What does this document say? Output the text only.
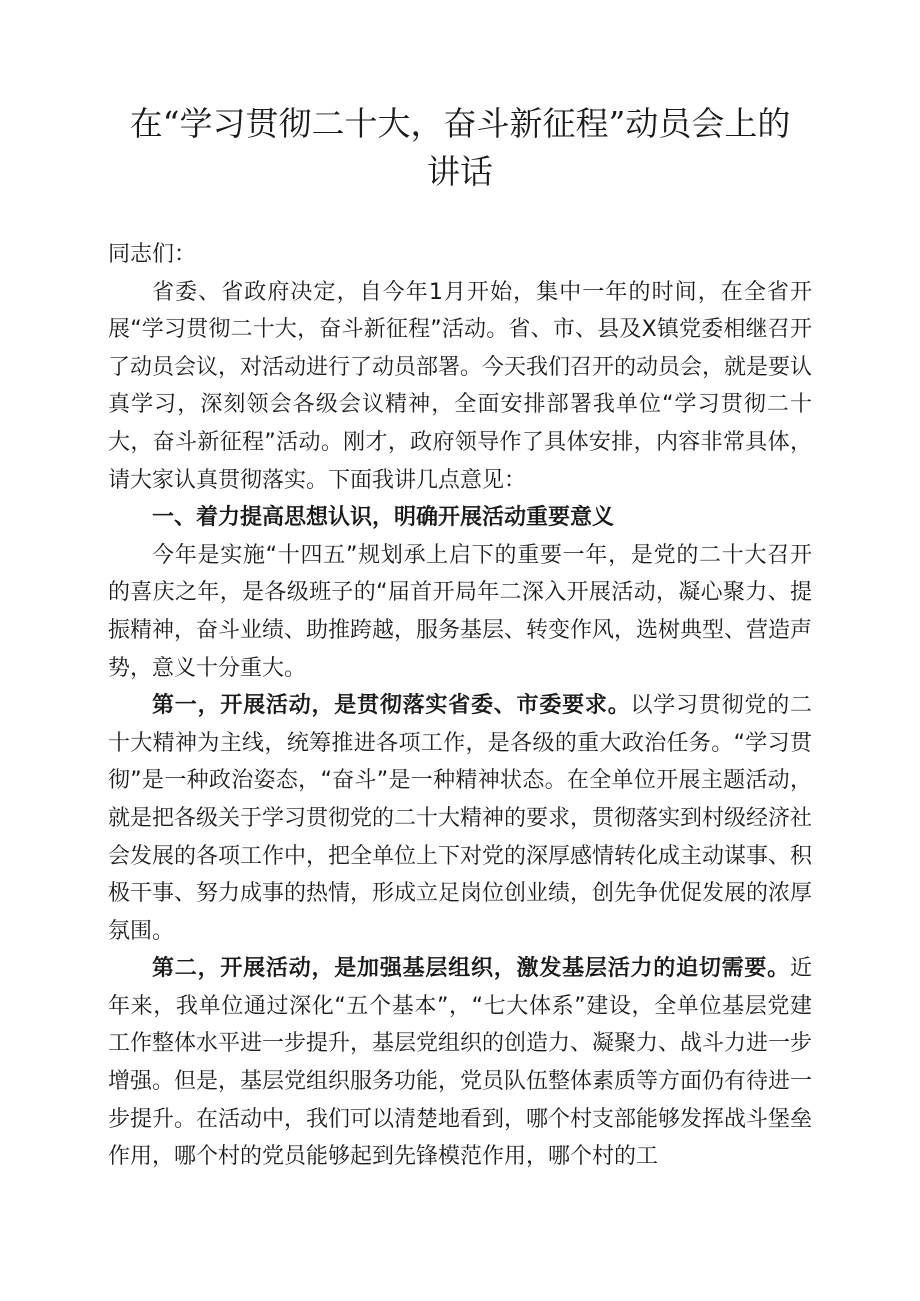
在“学习贯彻二十大，奋斗新征程”动员会上的
讲话

同志们：

省委、省政府决定，自今年1月开始，集中一年的时间，在全省开展“学习贯彻二十大，奋斗新征程”活动。省、市、县及X镇党委相继召开了动员会议，对活动进行了动员部署。今天我们召开的动员会，就是要认真学习，深刻领会各级会议精神，全面安排部署我单位“学习贯彻二十大，奋斗新征程”活动。刚才，政府领导作了具体安排，内容非常具体，请大家认真贯彻落实。下面我讲几点意见：

一、着力提高思想认识，明确开展活动重要意义

今年是实施“十四五”规划承上启下的重要一年，是党的二十大召开的喜庆之年，是各级班子的“届首开局年二深入开展活动，凝心聚力、提振精神，奋斗业绩、助推跨越，服务基层、转变作风，选树典型、营造声势，意义十分重大。

第一，开展活动，是贯彻落实省委、市委要求。以学习贯彻党的二十大精神为主线，统筹推进各项工作，是各级的重大政治任务。“学习贯彻”是一种政治姿态，“奋斗”是一种精神状态。在全单位开展主题活动，就是把各级关于学习贯彻党的二十大精神的要求，贯彻落实到村级经济社会发展的各项工作中，把全单位上下对党的深厚感情转化成主动谋事、积极干事、努力成事的热情，形成立足岗位创业绩，创先争优促发展的浓厚氛围。

第二，开展活动，是加强基层组织，激发基层活力的迫切需要。近年来，我单位通过深化“五个基本”，“七大体系”建设，全单位基层党建工作整体水平进一步提升，基层党组织的创造力、凝聚力、战斗力进一步增强。但是，基层党组织服务功能，党员队伍整体素质等方面仍有待进一步提升。在活动中，我们可以清楚地看到，哪个村支部能够发挥战斗堡垒作用，哪个村的党员能够起到先锋模范作用，哪个村的工
